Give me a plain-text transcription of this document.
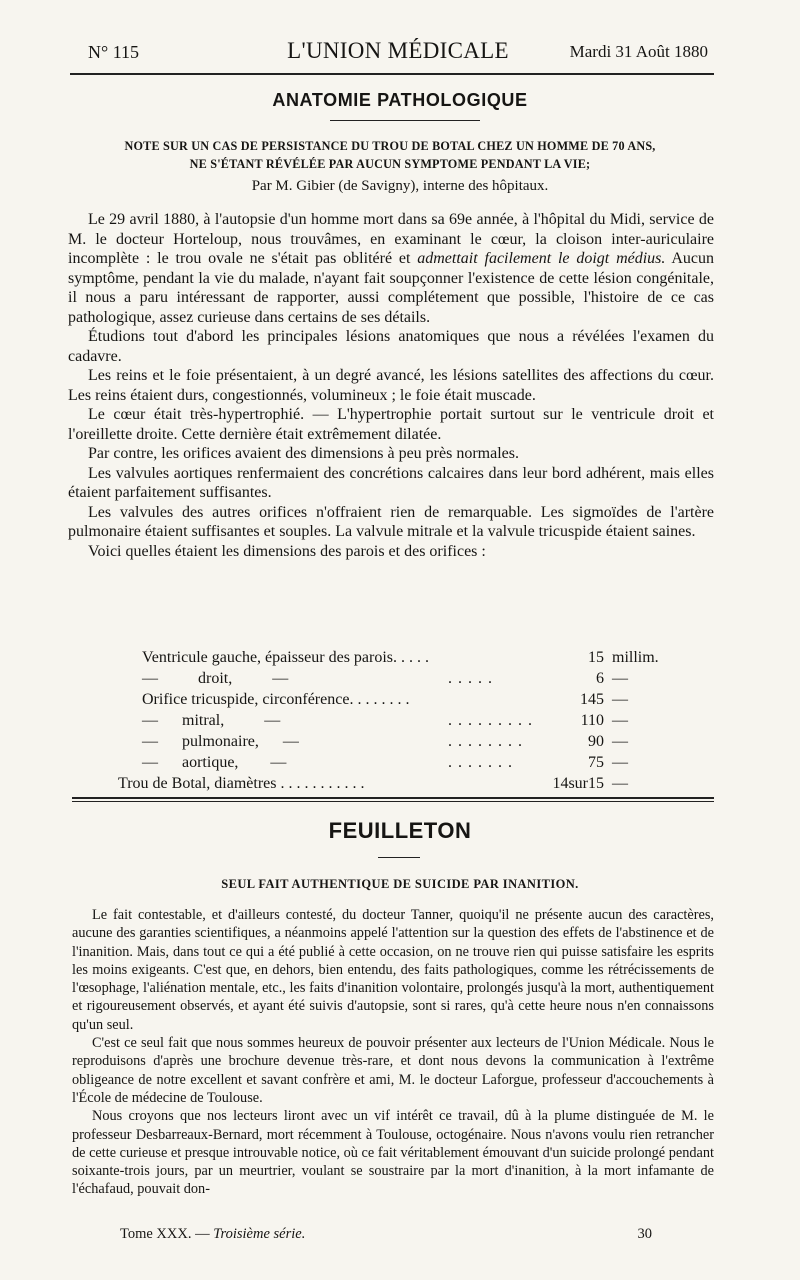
N° 115	L'UNION MÉDICALE	Mardi 31 Août 1880
ANATOMIE PATHOLOGIQUE
NOTE SUR UN CAS DE PERSISTANCE DU TROU DE BOTAL CHEZ UN HOMME DE 70 ANS,
NE S'ÉTANT RÉVÉLÉE PAR AUCUN SYMPTOME PENDANT LA VIE;
Par M. Gibier (de Savigny), interne des hôpitaux.

Le 29 avril 1880, à l'autopsie d'un homme mort dans sa 69e année, à l'hôpital du Midi, service de M. le docteur Horteloup, nous trouvâmes, en examinant le cœur, la cloison inter-auriculaire incomplète : le trou ovale ne s'était pas oblitéré et admettait facilement le doigt médius. Aucun symptôme, pendant la vie du malade, n'ayant fait soupçonner l'existence de cette lésion congénitale, il nous a paru intéressant de rapporter, aussi complétement que possible, l'histoire de ce cas pathologique, assez curieuse dans certains de ses détails.

Étudions tout d'abord les principales lésions anatomiques que nous a révélées l'examen du cadavre.

Les reins et le foie présentaient, à un degré avancé, les lésions satellites des affections du cœur. Les reins étaient durs, congestionnés, volumineux ; le foie était muscade.

Le cœur était très-hypertrophié. — L'hypertrophie portait surtout sur le ventricule droit et l'oreillette droite. Cette dernière était extrêmement dilatée.

Par contre, les orifices avaient des dimensions à peu près normales.

Les valvules aortiques renfermaient des concrétions calcaires dans leur bord adhérent, mais elles étaient parfaitement suffisantes.

Les valvules des autres orifices n'offraient rien de remarquable. Les sigmoïdes de l'artère pulmonaire étaient suffisantes et souples. La valvule mitrale et la valvule tricuspide étaient saines.

Voici quelles étaient les dimensions des parois et des orifices :

Ventricule gauche, épaisseur des parois. . . . .	15 millim.
—          droit,          —	. . . . .	6 —
Orifice tricuspide, circonférence. . . . . . . .	145 —
—      mitral,          —	. . . . . . . . .	110 —
—      pulmonaire,      —	. . . . . . . .	90 —
—      aortique,        —	. . . . . . .	75 —
Trou de Botal, diamètres . . . . . . . . . . .	14sur15 —
FEUILLETON
SEUL FAIT AUTHENTIQUE DE SUICIDE PAR INANITION.

Le fait contestable, et d'ailleurs contesté, du docteur Tanner, quoiqu'il ne présente aucun des caractères, aucune des garanties scientifiques, a néanmoins appelé l'attention sur la question des effets de l'abstinence et de l'inanition. Mais, dans tout ce qui a été publié à cette occasion, on ne trouve rien qui puisse satisfaire les esprits les moins exigeants. C'est que, en dehors, bien entendu, des faits pathologiques, comme les rétrécissements de l'œsophage, l'aliénation mentale, etc., les faits d'inanition volontaire, prolongés jusqu'à la mort, authentiquement et rigoureusement observés, et ayant été suivis d'autopsie, sont si rares, qu'à cette heure nous n'en connaissons qu'un seul.

C'est ce seul fait que nous sommes heureux de pouvoir présenter aux lecteurs de l'Union Médicale. Nous le reproduisons d'après une brochure devenue très-rare, et dont nous devons la communication à l'extrême obligeance de notre excellent et savant confrère et ami, M. le docteur Laforgue, professeur d'accouchements à l'École de médecine de Toulouse.

Nous croyons que nos lecteurs liront avec un vif intérêt ce travail, dû à la plume distinguée de M. le professeur Desbarreaux-Bernard, mort récemment à Toulouse, octogénaire. Nous n'avons voulu rien retrancher de cette curieuse et presque introuvable notice, où ce fait véritablement émouvant d'un suicide prolongé pendant soixante-trois jours, par un meurtrier, voulant se soustraire par la mort d'inanition, à la mort infamante de l'échafaud, pouvait don-

Tome XXX. — Troisième série.	30
